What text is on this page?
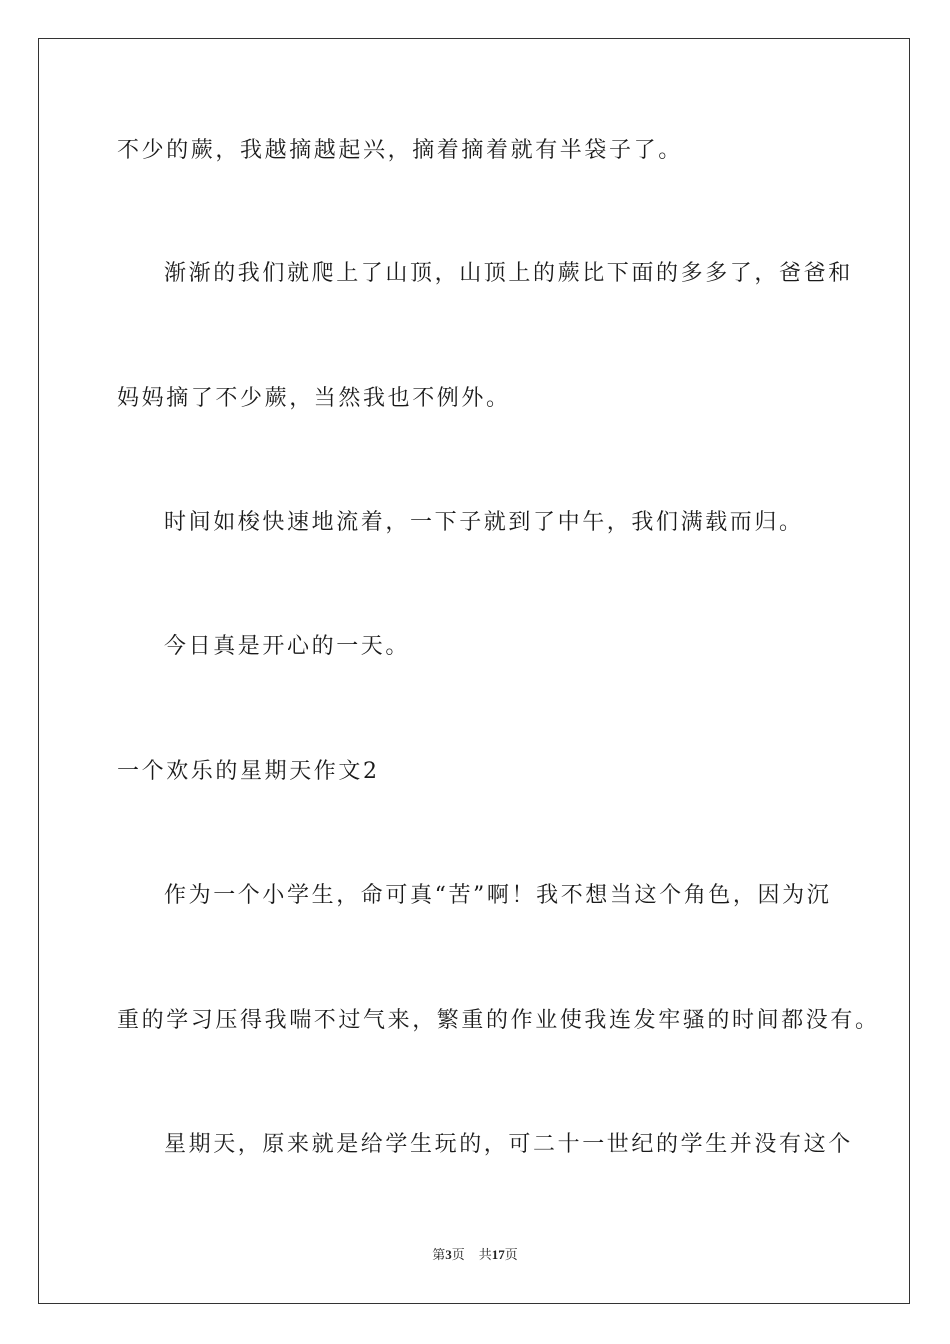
不少的蕨，我越摘越起兴，摘着摘着就有半袋子了。
渐渐的我们就爬上了山顶，山顶上的蕨比下面的多多了，爸爸和
妈妈摘了不少蕨，当然我也不例外。
时间如梭快速地流着，一下子就到了中午，我们满载而归。
今日真是开心的一天。
一个欢乐的星期天作文2
作为一个小学生，命可真“苦”啊！我不想当这个角色，因为沉
重的学习压得我喘不过气来，繁重的作业使我连发牢骚的时间都没有。
星期天，原来就是给学生玩的，可二十一世纪的学生并没有这个
第3页 共17页
